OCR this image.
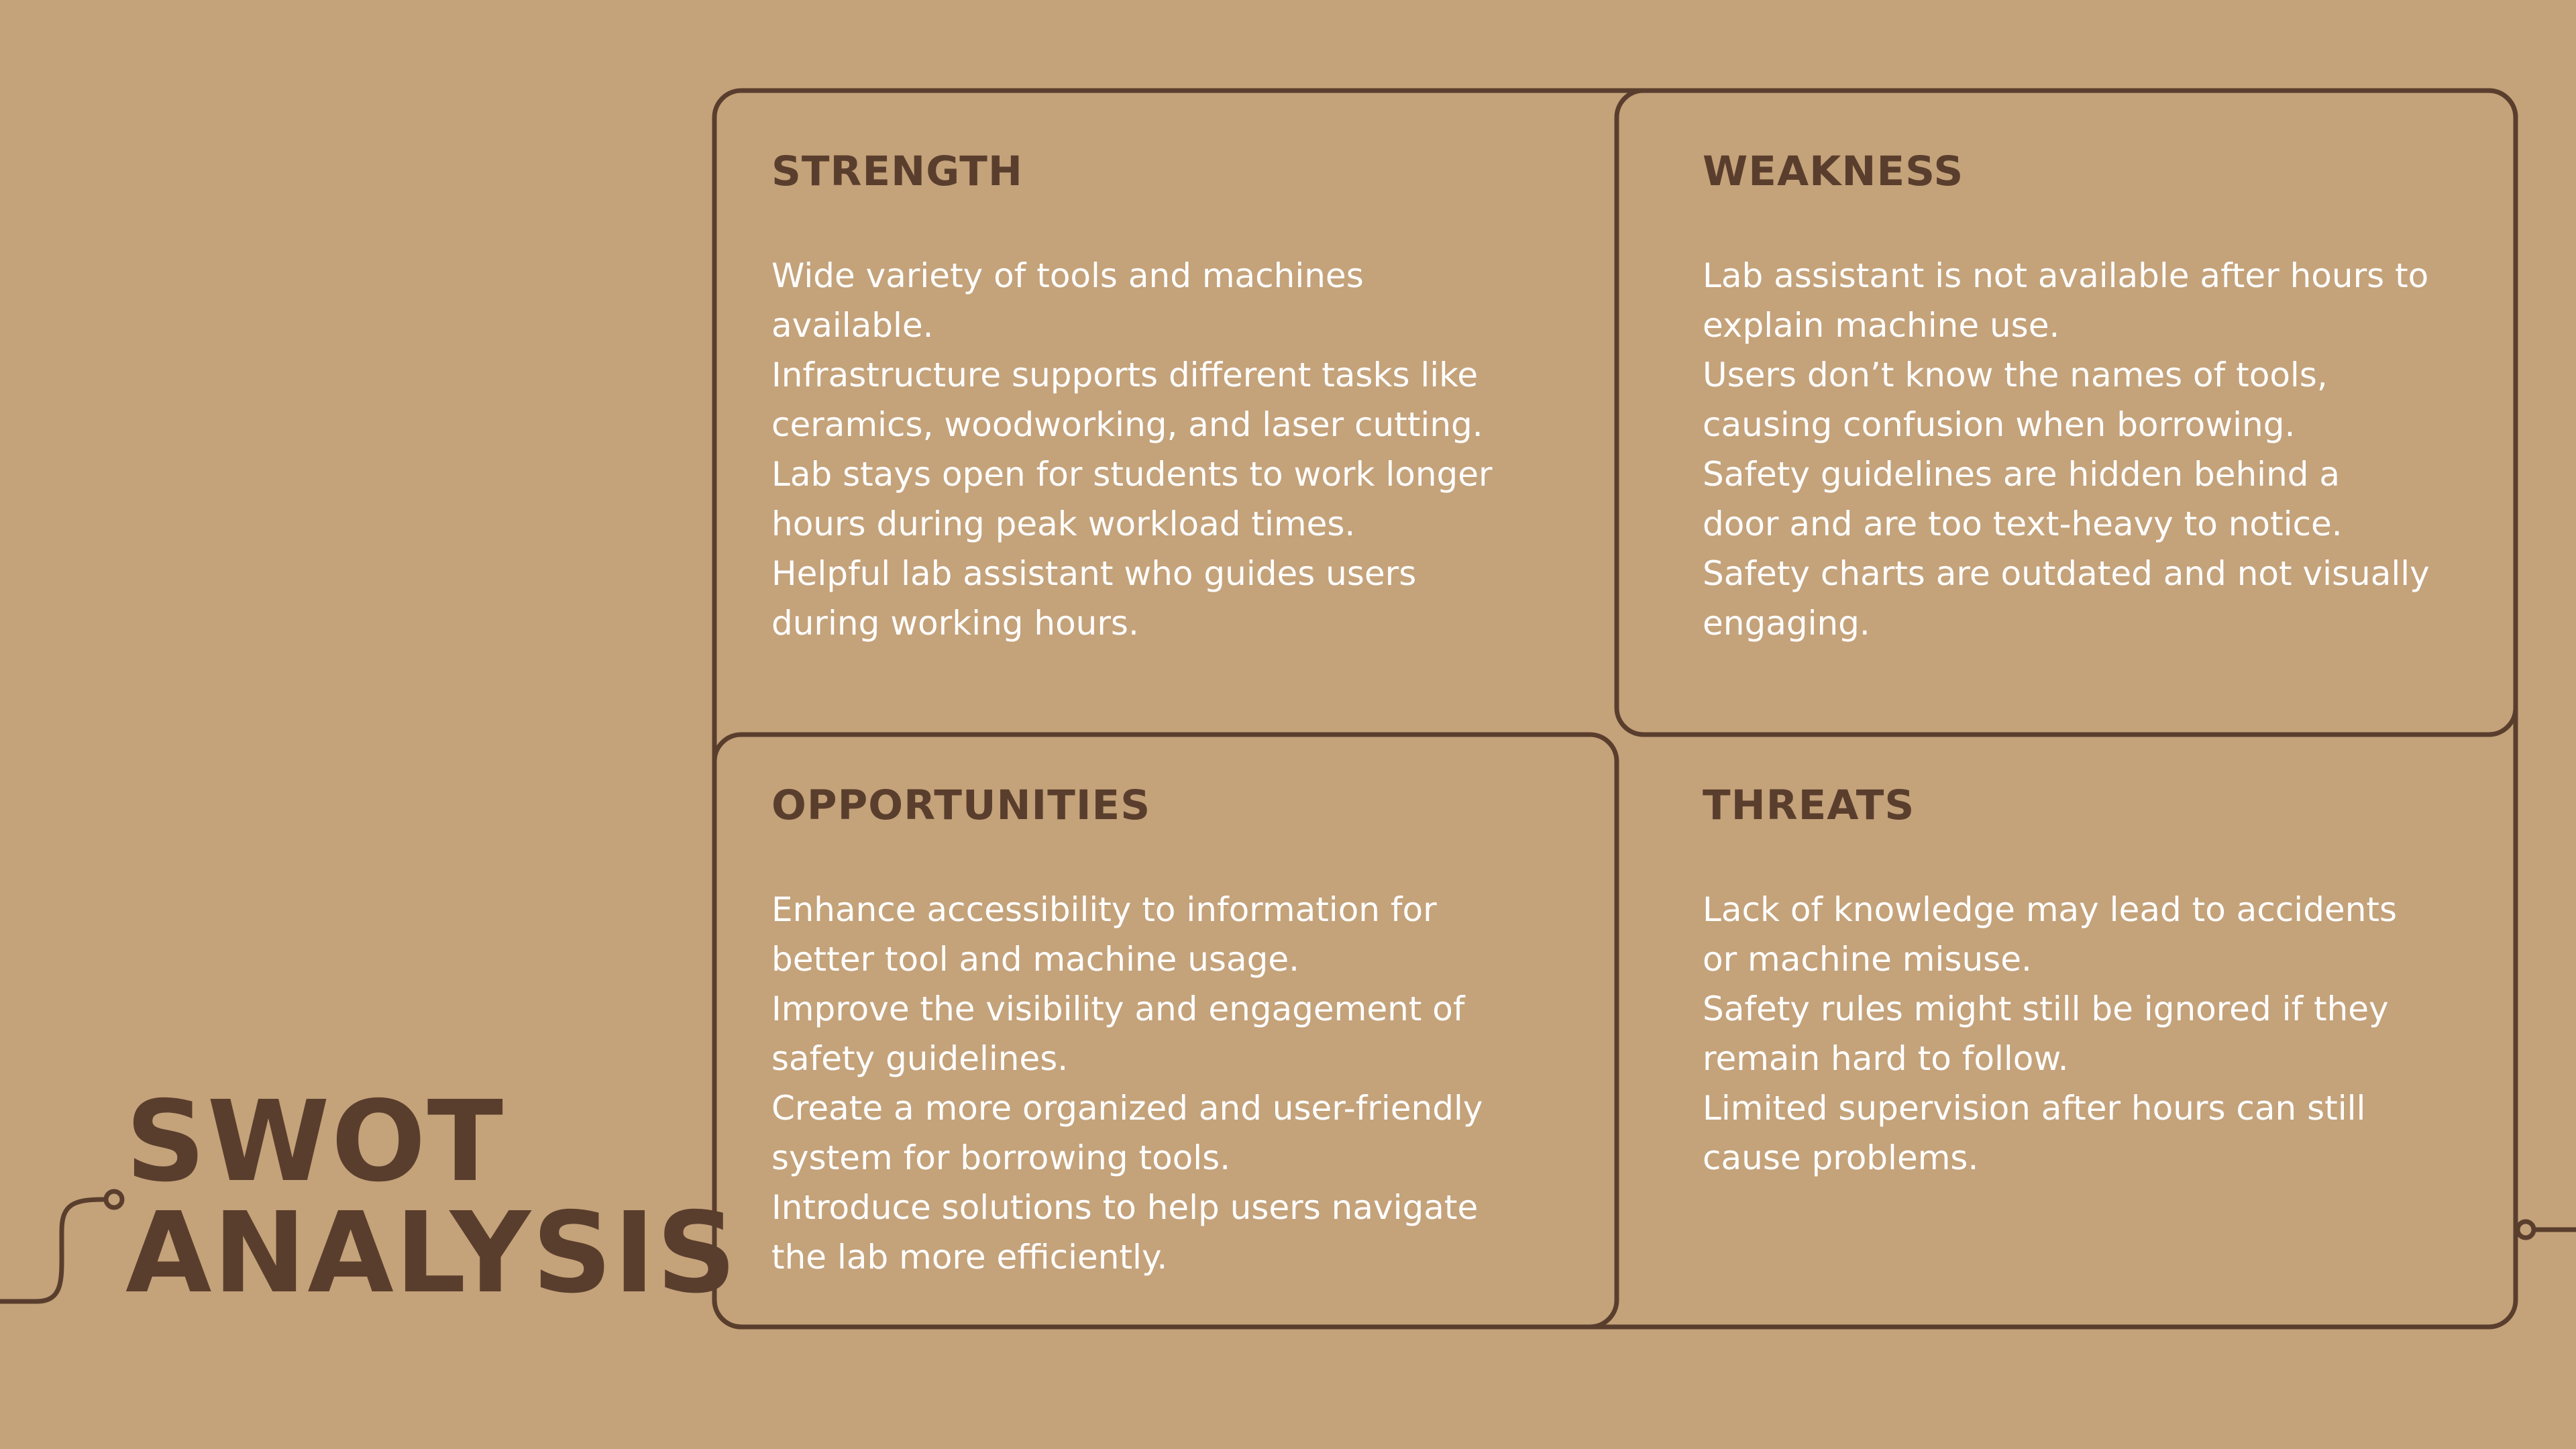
STRENGTH
Wide variety of tools and machines
available.
Infrastructure supports different tasks like
ceramics, woodworking, and laser cutting.
Lab stays open for students to work longer
hours during peak workload times.
Helpful lab assistant who guides users
during working hours.
WEAKNESS
Lab assistant is not available after hours to
explain machine use.
Users don’t know the names of tools,
causing confusion when borrowing.
Safety guidelines are hidden behind a
door and are too text-heavy to notice.
Safety charts are outdated and not visually
engaging.
OPPORTUNITIES
Enhance accessibility to information for
better tool and machine usage.
Improve the visibility and engagement of
safety guidelines.
Create a more organized and user-friendly
system for borrowing tools.
Introduce solutions to help users navigate
the lab more efficiently.
THREATS
Lack of knowledge may lead to accidents
or machine misuse.
Safety rules might still be ignored if they
remain hard to follow.
Limited supervision after hours can still
cause problems.
SWOT
ANALYSIS
